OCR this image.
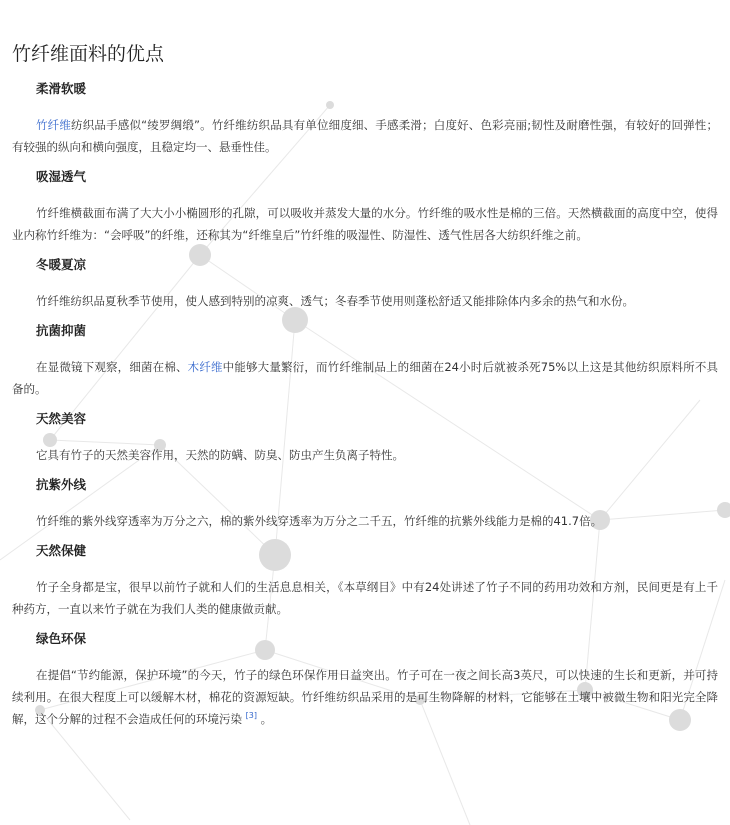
竹纤维面料的优点
柔滑软暖

竹纤维纺织品手感似“绫罗绸缎”。竹纤维纺织品具有单位细度细、手感柔滑；白度好、色彩亮丽;韧性及耐磨性强，有较好的回弹性；有较强的纵向和横向强度，且稳定均一、悬垂性佳。

吸湿透气

竹纤维横截面布满了大大小小椭圆形的孔隙，可以吸收并蒸发大量的水分。竹纤维的吸水性是棉的三倍。天然横截面的高度中空，使得业内称竹纤维为：“会呼吸”的纤维，还称其为“纤维皇后”竹纤维的吸湿性、防湿性、透气性居各大纺织纤维之前。

冬暖夏凉

竹纤维纺织品夏秋季节使用，使人感到特别的凉爽、透气；冬春季节使用则蓬松舒适又能排除体内多余的热气和水份。

抗菌抑菌

在显微镜下观察，细菌在棉、木纤维中能够大量繁衍，而竹纤维制品上的细菌在24小时后就被杀死75%以上这是其他纺织原料所不具备的。

天然美容

它具有竹子的天然美容作用，天然的防螨、防臭、防虫产生负离子特性。

抗紫外线

竹纤维的紫外线穿透率为万分之六，棉的紫外线穿透率为万分之二千五，竹纤维的抗紫外线能力是棉的41.7倍。

天然保健

竹子全身都是宝，很早以前竹子就和人们的生活息息相关，《本草纲目》中有24处讲述了竹子不同的药用功效和方剂，民间更是有上千种药方，一直以来竹子就在为我们人类的健康做贡献。

绿色环保

在提倡“节约能源，保护环境”的今天，竹子的绿色环保作用日益突出。竹子可在一夜之间长高3英尺，可以快速的生长和更新，并可持续利用。在很大程度上可以缓解木材，棉花的资源短缺。竹纤维纺织品采用的是可生物降解的材料，它能够在土壤中被微生物和阳光完全降解，这个分解的过程不会造成任何的环境污染 [3] 。
